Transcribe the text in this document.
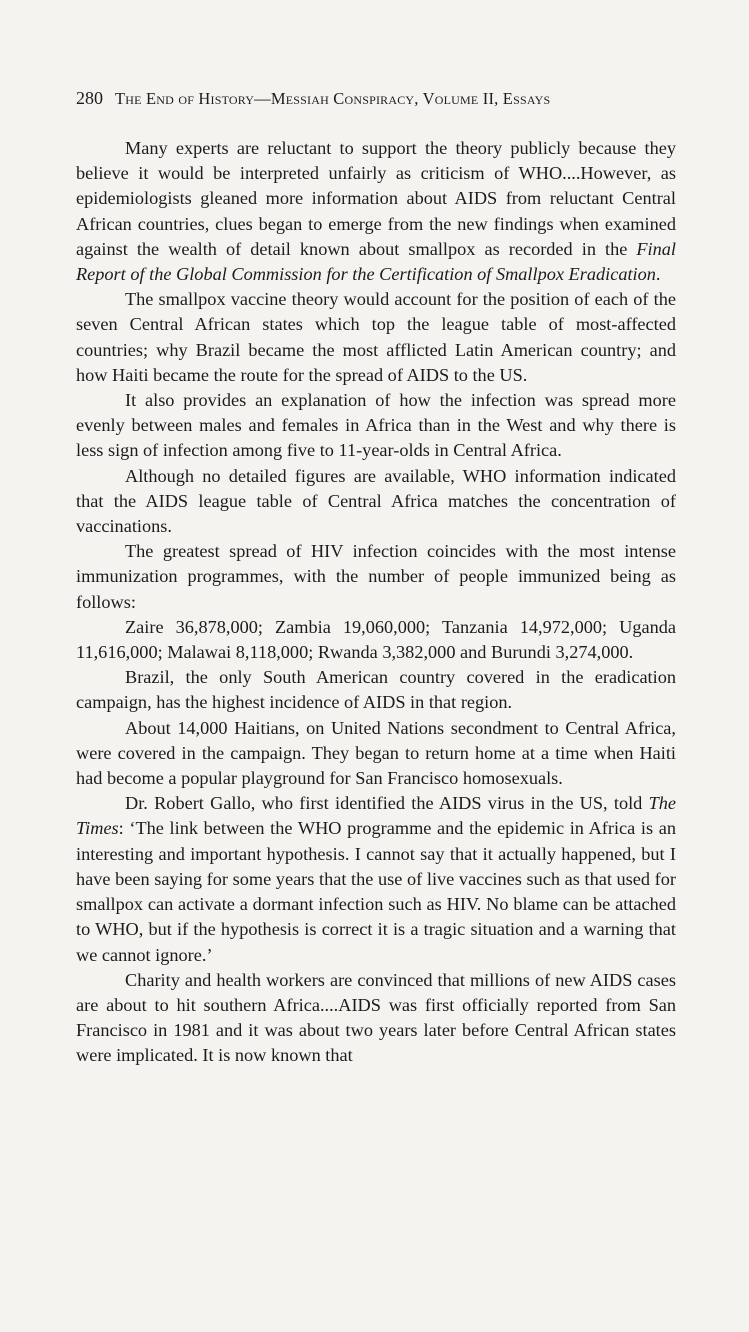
280 The End of History—Messiah Conspiracy, Volume II, Essays

Many experts are reluctant to support the theory publicly because they believe it would be interpreted unfairly as criticism of WHO....However, as epidemiologists gleaned more information about AIDS from reluctant Central African countries, clues began to emerge from the new findings when examined against the wealth of detail known about smallpox as recorded in the Final Report of the Global Commission for the Certification of Smallpox Eradication.

The smallpox vaccine theory would account for the position of each of the seven Central African states which top the league table of most-affected countries; why Brazil became the most afflicted Latin American country; and how Haiti became the route for the spread of AIDS to the US.

It also provides an explanation of how the infection was spread more evenly between males and females in Africa than in the West and why there is less sign of infection among five to 11-year-olds in Central Africa.

Although no detailed figures are available, WHO information indicated that the AIDS league table of Central Africa matches the concentration of vaccinations.

The greatest spread of HIV infection coincides with the most intense immunization programmes, with the number of people immunized being as follows:

Zaire 36,878,000; Zambia 19,060,000; Tanzania 14,972,000; Uganda 11,616,000; Malawai 8,118,000; Rwanda 3,382,000 and Burundi 3,274,000.

Brazil, the only South American country covered in the eradication campaign, has the highest incidence of AIDS in that region.

About 14,000 Haitians, on United Nations secondment to Central Africa, were covered in the campaign. They began to return home at a time when Haiti had become a popular playground for San Francisco homosexuals.

Dr. Robert Gallo, who first identified the AIDS virus in the US, told The Times: ‘The link between the WHO programme and the epidemic in Africa is an interesting and important hypothesis. I cannot say that it actually happened, but I have been saying for some years that the use of live vaccines such as that used for smallpox can activate a dormant infection such as HIV. No blame can be attached to WHO, but if the hypothesis is correct it is a tragic situation and a warning that we cannot ignore.’

Charity and health workers are convinced that millions of new AIDS cases are about to hit southern Africa....AIDS was first officially reported from San Francisco in 1981 and it was about two years later before Central African states were implicated. It is now known that
